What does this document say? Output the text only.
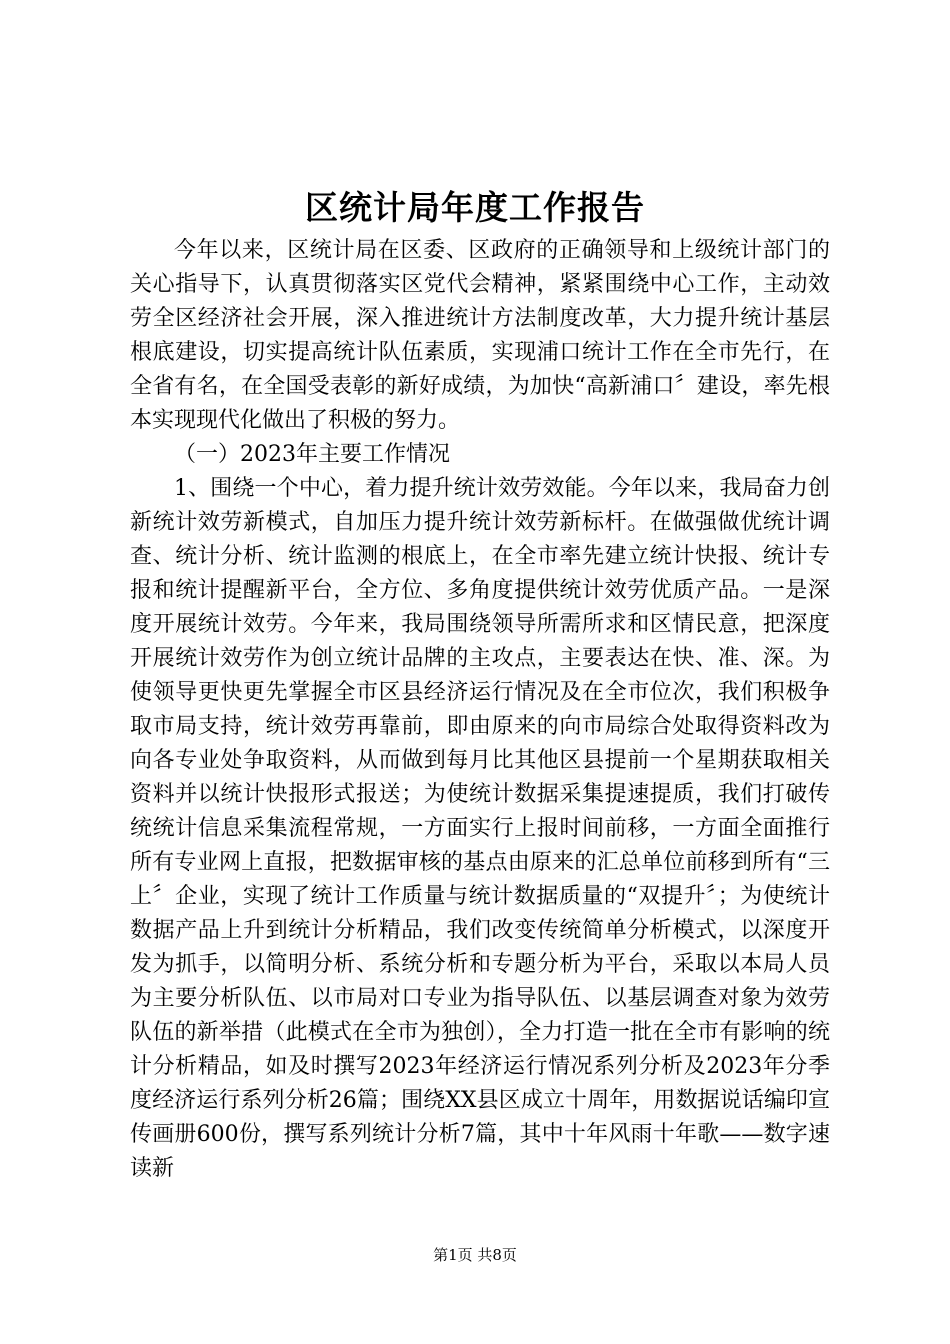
区统计局年度工作报告

今年以来，区统计局在区委、区政府的正确领导和上级统计部门的关心指导下，认真贯彻落实区党代会精神，紧紧围绕中心工作，主动效劳全区经济社会开展，深入推进统计方法制度改革，大力提升统计基层根底建设，切实提高统计队伍素质，实现浦口统计工作在全市先行，在全省有名，在全国受表彰的新好成绩，为加快“高新浦口〞建设，率先根本实现现代化做出了积极的努力。

（一）2023年主要工作情况

1、围绕一个中心，着力提升统计效劳效能。今年以来，我局奋力创新统计效劳新模式，自加压力提升统计效劳新标杆。在做强做优统计调查、统计分析、统计监测的根底上，在全市率先建立统计快报、统计专报和统计提醒新平台，全方位、多角度提供统计效劳优质产品。一是深度开展统计效劳。今年来，我局围绕领导所需所求和区情民意，把深度开展统计效劳作为创立统计品牌的主攻点，主要表达在快、准、深。为使领导更快更先掌握全市区县经济运行情况及在全市位次，我们积极争取市局支持，统计效劳再靠前，即由原来的向市局综合处取得资料改为向各专业处争取资料，从而做到每月比其他区县提前一个星期获取相关资料并以统计快报形式报送；为使统计数据采集提速提质，我们打破传统统计信息采集流程常规，一方面实行上报时间前移，一方面全面推行所有专业网上直报，把数据审核的基点由原来的汇总单位前移到所有“三上〞企业，实现了统计工作质量与统计数据质量的“双提升〞；为使统计数据产品上升到统计分析精品，我们改变传统简单分析模式，以深度开发为抓手，以简明分析、系统分析和专题分析为平台，采取以本局人员为主要分析队伍、以市局对口专业为指导队伍、以基层调查对象为效劳队伍的新举措（此模式在全市为独创），全力打造一批在全市有影响的统计分析精品，如及时撰写2023年经济运行情况系列分析及2023年分季度经济运行系列分析26篇；围绕XX县区成立十周年，用数据说话编印宣传画册600份，撰写系列统计分析7篇，其中十年风雨十年歌——数字速读新

第1页 共8页
